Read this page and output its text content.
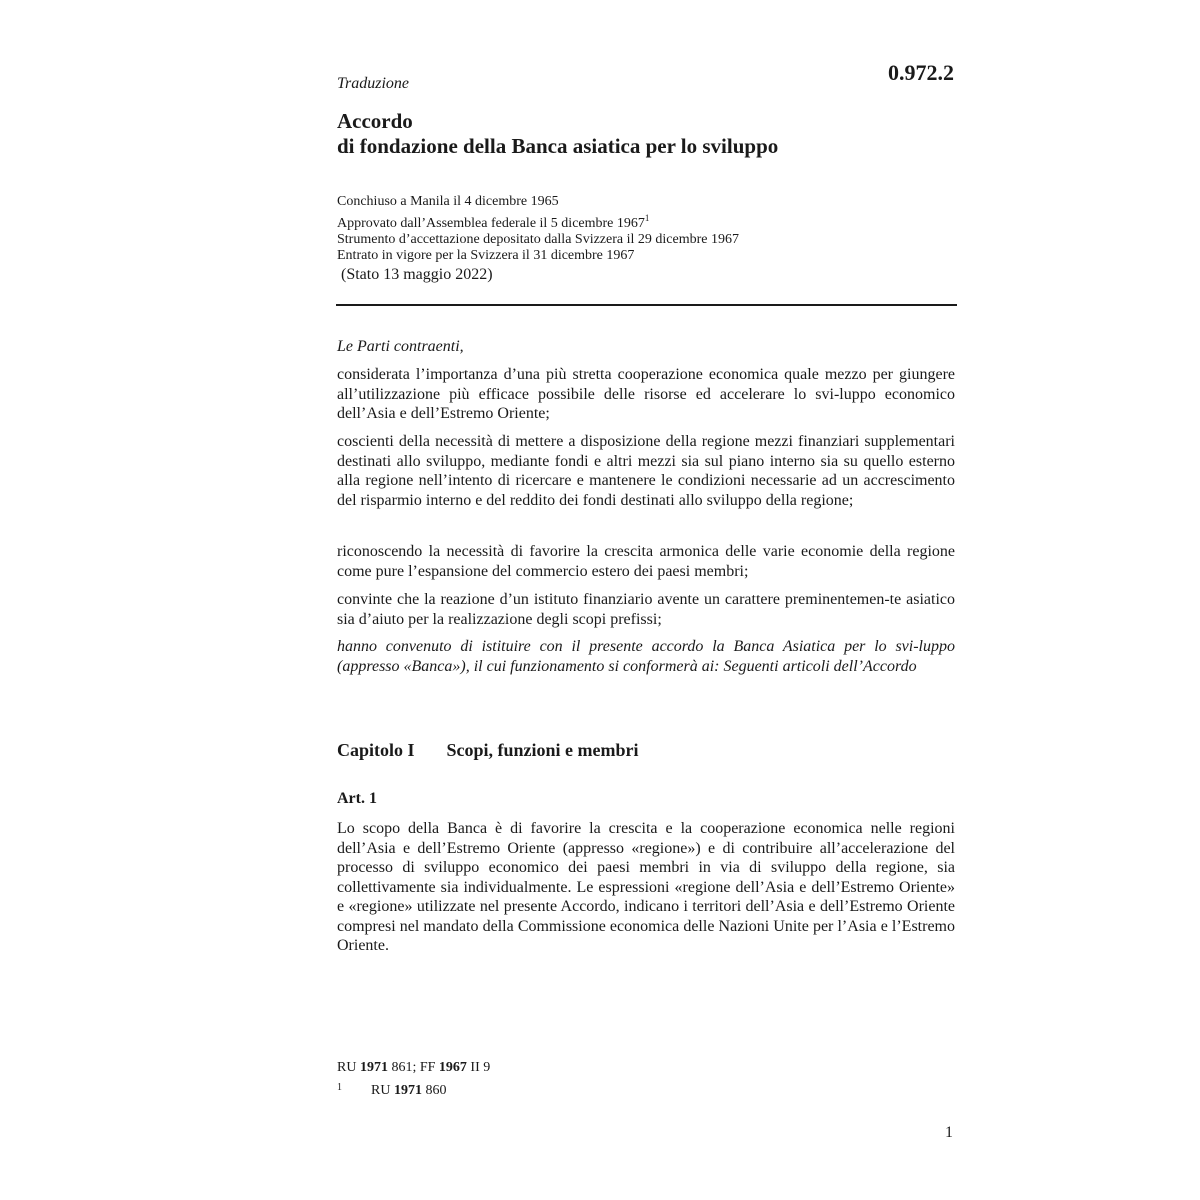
0.972.2
Traduzione
Accordo
di fondazione della Banca asiatica per lo sviluppo
Conchiuso a Manila il 4 dicembre 1965
Approvato dall’Assemblea federale il 5 dicembre 1967$^1$
Strumento d’accettazione depositato dalla Svizzera il 29 dicembre 1967
Entrato in vigore per la Svizzera il 31 dicembre 1967
(Stato 13 maggio 2022)
Le Parti contraenti,
considerata l’importanza d’una più stretta cooperazione economica quale mezzo per giungere all’utilizzazione più efficace possibile delle risorse ed accelerare lo svi-luppo economico dell’Asia e dell’Estremo Oriente;
coscienti della necessità di mettere a disposizione della regione mezzi finanziari supplementari destinati allo sviluppo, mediante fondi e altri mezzi sia sul piano interno sia su quello esterno alla regione nell’intento di ricercare e mantenere le condizioni necessarie ad un accrescimento del risparmio interno e del reddito dei fondi destinati allo sviluppo della regione;
riconoscendo la necessità di favorire la crescita armonica delle varie economie della regione come pure l’espansione del commercio estero dei paesi membri;
convinte che la reazione d’un istituto finanziario avente un carattere preminentemen-te asiatico sia d’aiuto per la realizzazione degli scopi prefissi;
hanno convenuto di istituire con il presente accordo la Banca Asiatica per lo svi-luppo (appresso «Banca»), il cui funzionamento si conformerà ai: Seguenti articoli dell’Accordo
Capitolo I Scopi, funzioni e membri
Art. 1
Lo scopo della Banca è di favorire la crescita e la cooperazione economica nelle regioni dell’Asia e dell’Estremo Oriente (appresso «regione») e di contribuire all’accelerazione del processo di sviluppo economico dei paesi membri in via di sviluppo della regione, sia collettivamente sia individualmente. Le espressioni «regione dell’Asia e dell’Estremo Oriente» e «regione» utilizzate nel presente Accordo, indicano i territori dell’Asia e dell’Estremo Oriente compresi nel mandato della Commissione economica delle Nazioni Unite per l’Asia e l’Estremo Oriente.
RU 1971 861; FF 1967 II 9
1 RU 1971 860
1
